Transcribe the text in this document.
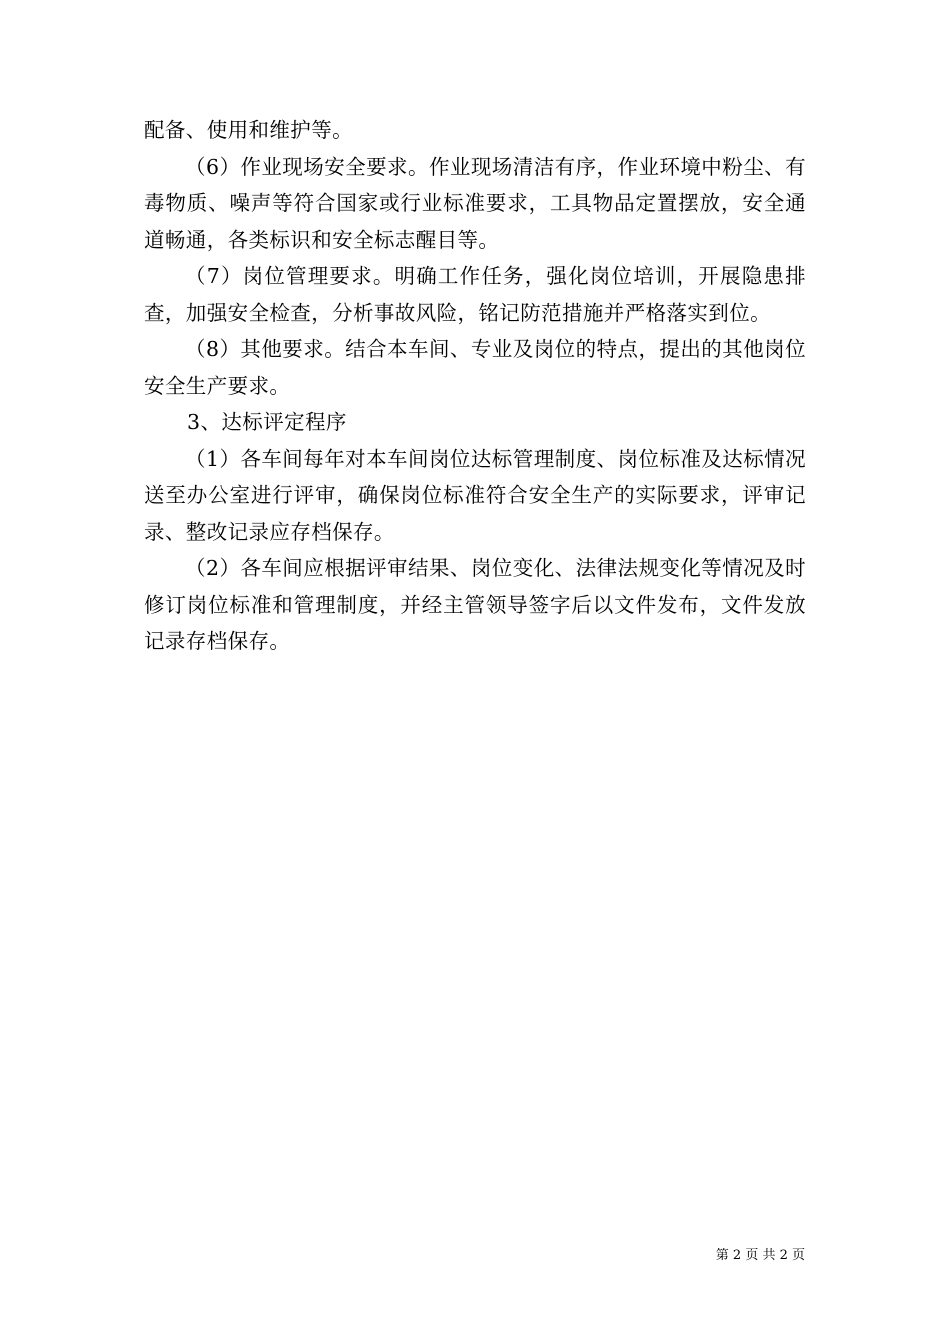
配备、使用和维护等。

（6）作业现场安全要求。作业现场清洁有序，作业环境中粉尘、有毒物质、噪声等符合国家或行业标准要求，工具物品定置摆放，安全通道畅通，各类标识和安全标志醒目等。

（7）岗位管理要求。明确工作任务，强化岗位培训，开展隐患排查，加强安全检查，分析事故风险，铭记防范措施并严格落实到位。

（8）其他要求。结合本车间、专业及岗位的特点，提出的其他岗位安全生产要求。

3、达标评定程序

（1）各车间每年对本车间岗位达标管理制度、岗位标准及达标情况送至办公室进行评审，确保岗位标准符合安全生产的实际要求，评审记录、整改记录应存档保存。

（2）各车间应根据评审结果、岗位变化、法律法规变化等情况及时修订岗位标准和管理制度，并经主管领导签字后以文件发布，文件发放记录存档保存。

第 2 页 共 2 页
